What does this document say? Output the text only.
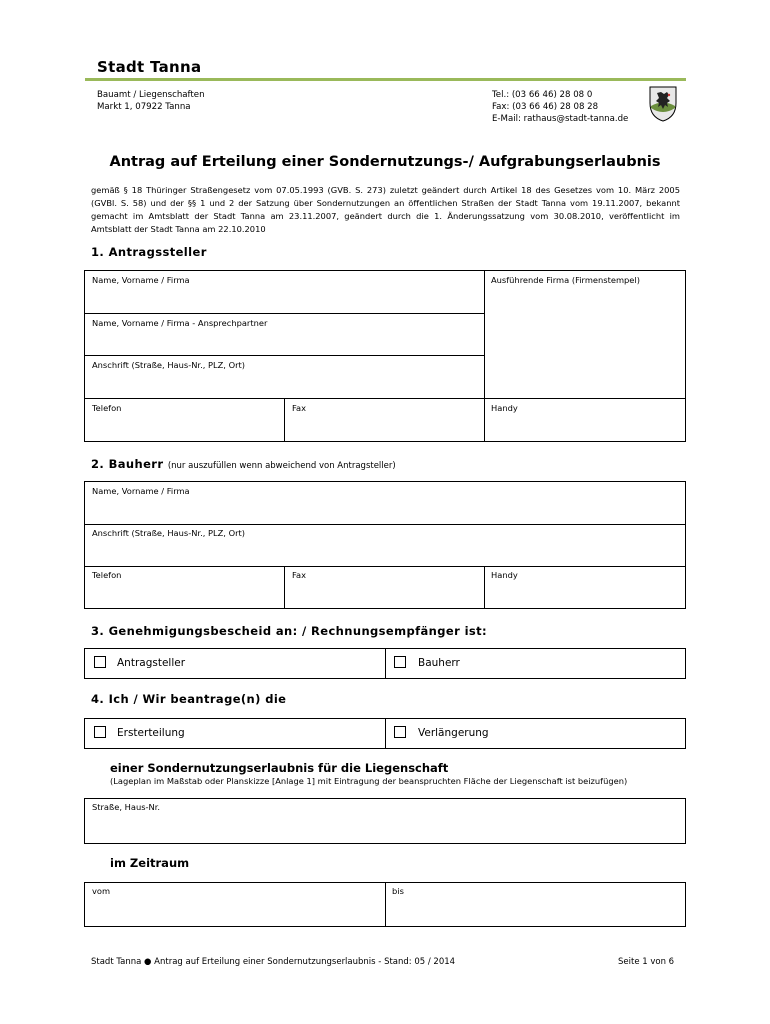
Stadt Tanna
Bauamt / Liegenschaften
Markt 1, 07922 Tanna
Tel.: (03 66 46) 28 08 0
Fax: (03 66 46) 28 08 28
E-Mail: rathaus@stadt-tanna.de
Antrag auf Erteilung einer Sondernutzungs-/ Aufgrabungserlaubnis
gemäß § 18 Thüringer Straßengesetz vom 07.05.1993 (GVB. S. 273) zuletzt geändert durch Artikel 18 des Gesetzes vom 10. März 2005 (GVBl. S. 58) und der §§ 1 und 2 der Satzung über Sondernutzungen an öffentlichen Straßen der Stadt Tanna vom 19.11.2007, bekannt gemacht im Amtsblatt der Stadt Tanna am 23.11.2007, geändert durch die 1. Änderungssatzung vom 30.08.2010, veröffentlicht im Amtsblatt der Stadt Tanna am 22.10.2010
1. Antragssteller
Name, Vorname / Firma
Name, Vorname / Firma - Ansprechpartner
Anschrift (Straße, Haus-Nr., PLZ, Ort)
Ausführende Firma (Firmenstempel)
Telefon	Fax	Handy
2. Bauherr (nur auszufüllen wenn abweichend von Antragsteller)
Name, Vorname / Firma
Anschrift (Straße, Haus-Nr., PLZ, Ort)
Telefon	Fax	Handy
3. Genehmigungsbescheid an: / Rechnungsempfänger ist:
Antragsteller	Bauherr
4. Ich / Wir beantrage(n) die
Ersterteilung	Verlängerung
einer Sondernutzungserlaubnis für die Liegenschaft
(Lageplan im Maßstab oder Planskizze [Anlage 1] mit Eintragung der beanspruchten Fläche der Liegenschaft ist beizufügen)
Straße, Haus-Nr.
im Zeitraum
vom	bis
Stadt Tanna ● Antrag auf Erteilung einer Sondernutzungserlaubnis - Stand: 05 / 2014	Seite 1 von 6
